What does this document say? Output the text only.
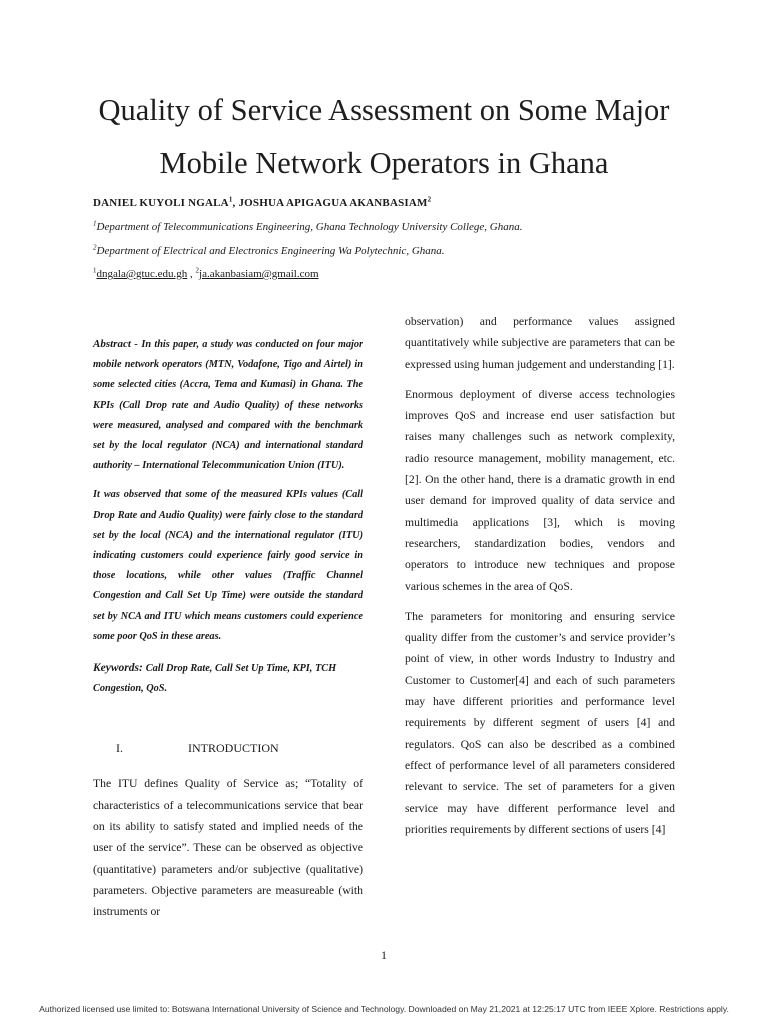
Quality of Service Assessment on Some Major
Mobile Network Operators in Ghana
DANIEL KUYOLI NGALA$^1$, JOSHUA APIGAGUA AKANBASIAM$^2$
$^1$Department of Telecommunications Engineering, Ghana Technology University College, Ghana.
$^2$Department of Electrical and Electronics Engineering Wa Polytechnic, Ghana.
$^1$dngala@gtuc.edu.gh , $^2$ja.akanbasiam@gmail.com

Abstract - In this paper, a study was conducted on four major mobile network operators (MTN, Vodafone, Tigo and Airtel) in some selected cities (Accra, Tema and Kumasi) in Ghana. The KPIs (Call Drop rate and Audio Quality) of these networks were measured, analysed and compared with the benchmark set by the local regulator (NCA) and international standard authority – International Telecommunication Union (ITU).

It was observed that some of the measured KPIs values (Call Drop Rate and Audio Quality) were fairly close to the standard set by the local (NCA) and the international regulator (ITU) indicating customers could experience fairly good service in those locations, while other values (Traffic Channel Congestion and Call Set Up Time) were outside the standard set by NCA and ITU which means customers could experience some poor QoS in these areas.

Keywords: Call Drop Rate, Call Set Up Time, KPI, TCH Congestion, QoS.

I.	INTRODUCTION

The ITU defines Quality of Service as; “Totality of characteristics of a telecommunications service that bear on its ability to satisfy stated and implied needs of the user of the service”. These can be observed as objective (quantitative) parameters and/or subjective (qualitative) parameters. Objective parameters are measureable (with instruments or

observation) and performance values assigned quantitatively while subjective are parameters that can be expressed using human judgement and understanding [1].

Enormous deployment of diverse access technologies improves QoS and increase end user satisfaction but raises many challenges such as network complexity, radio resource management, mobility management, etc. [2]. On the other hand, there is a dramatic growth in end user demand for improved quality of data service and multimedia applications [3], which is moving researchers, standardization bodies, vendors and operators to introduce new techniques and propose various schemes in the area of QoS.

The parameters for monitoring and ensuring service quality differ from the customer’s and service provider’s point of view, in other words Industry to Industry and Customer to Customer[4] and each of such parameters may have different priorities and performance level requirements by different segment of users [4] and regulators. QoS can also be described as a combined effect of performance level of all parameters considered relevant to service. The set of parameters for a given service may have different performance level and priorities requirements by different sections of users [4]

1
Authorized licensed use limited to: Botswana International University of Science and Technology. Downloaded on May 21,2021 at 12:25:17 UTC from IEEE Xplore. Restrictions apply.
